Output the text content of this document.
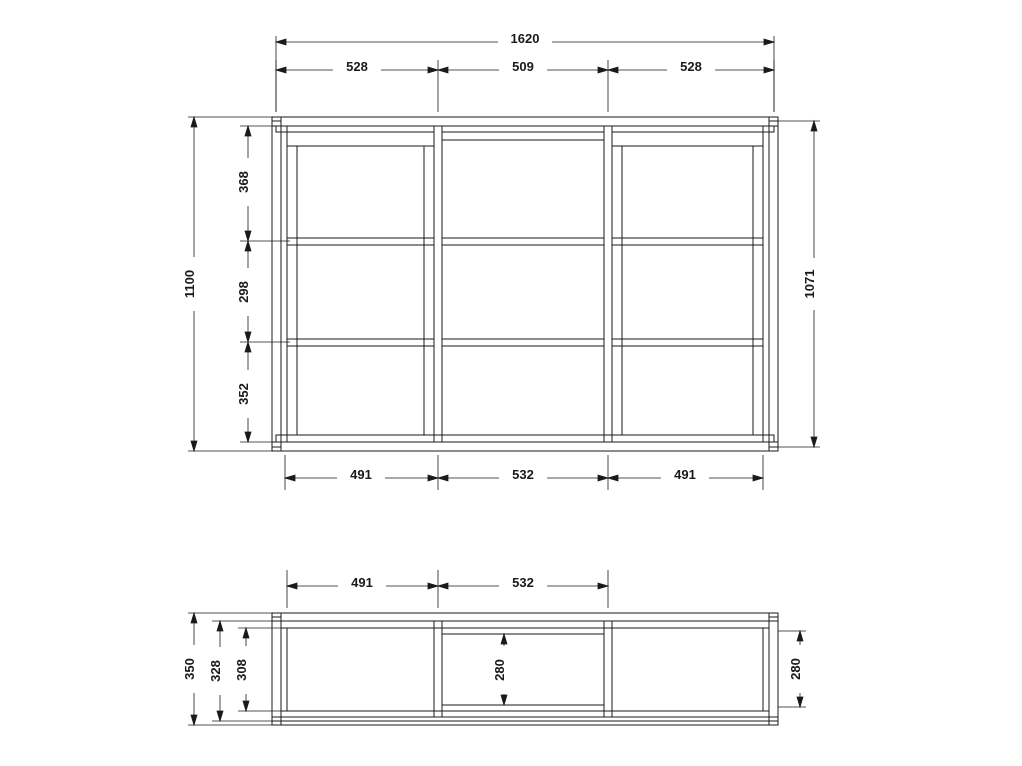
1620
528	509	528
491	532	491
1100
368
298
352
1071
491	532
350 328 308	280	280
